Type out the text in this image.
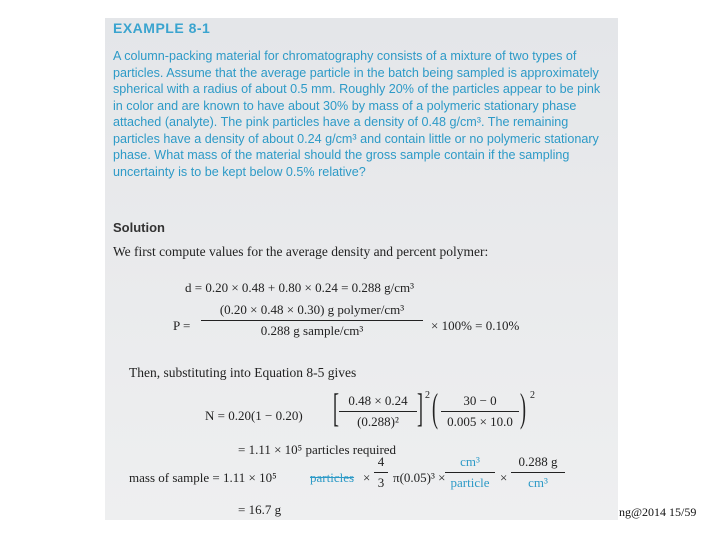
EXAMPLE 8-1

A column-packing material for chromatography consists of a mixture of two types of particles. Assume that the average particle in the batch being sampled is approximately spherical with a radius of about 0.5 mm. Roughly 20% of the particles appear to be pink in color and are known to have about 30% by mass of a polymeric stationary phase attached (analyte). The pink particles have a density of 0.48 g/cm³. The remaining particles have a density of about 0.24 g/cm³ and contain little or no polymeric stationary phase. What mass of the material should the gross sample contain if the sampling uncertainty is to be kept below 0.5% relative?

Solution

We first compute values for the average density and percent polymer:

d = 0.20 × 0.48 + 0.80 × 0.24 = 0.288 g/cm³
P =
(0.20 × 0.48 × 0.30) g polymer/cm³
0.288 g sample/cm³	× 100% = 0.10%
Then, substituting into Equation 8-5 gives
N = 0.20(1 − 0.20) [ $\frac{0.48 \times 0.24}{\text{(0.288)²}}$ ] 2 ( $\frac{30 - 0}{0.005 \times 10.0}$ ) 2
= 1.11 × 10⁵ particles required
mass of sample = 1.11 × 10⁵	particles × $\frac{4}{3} \pi(0.05)^3$ ×
cm³
particle × $\frac{0.288 g}{\text{cm³}}$
= 16.7 g	ng@2014 15/59
